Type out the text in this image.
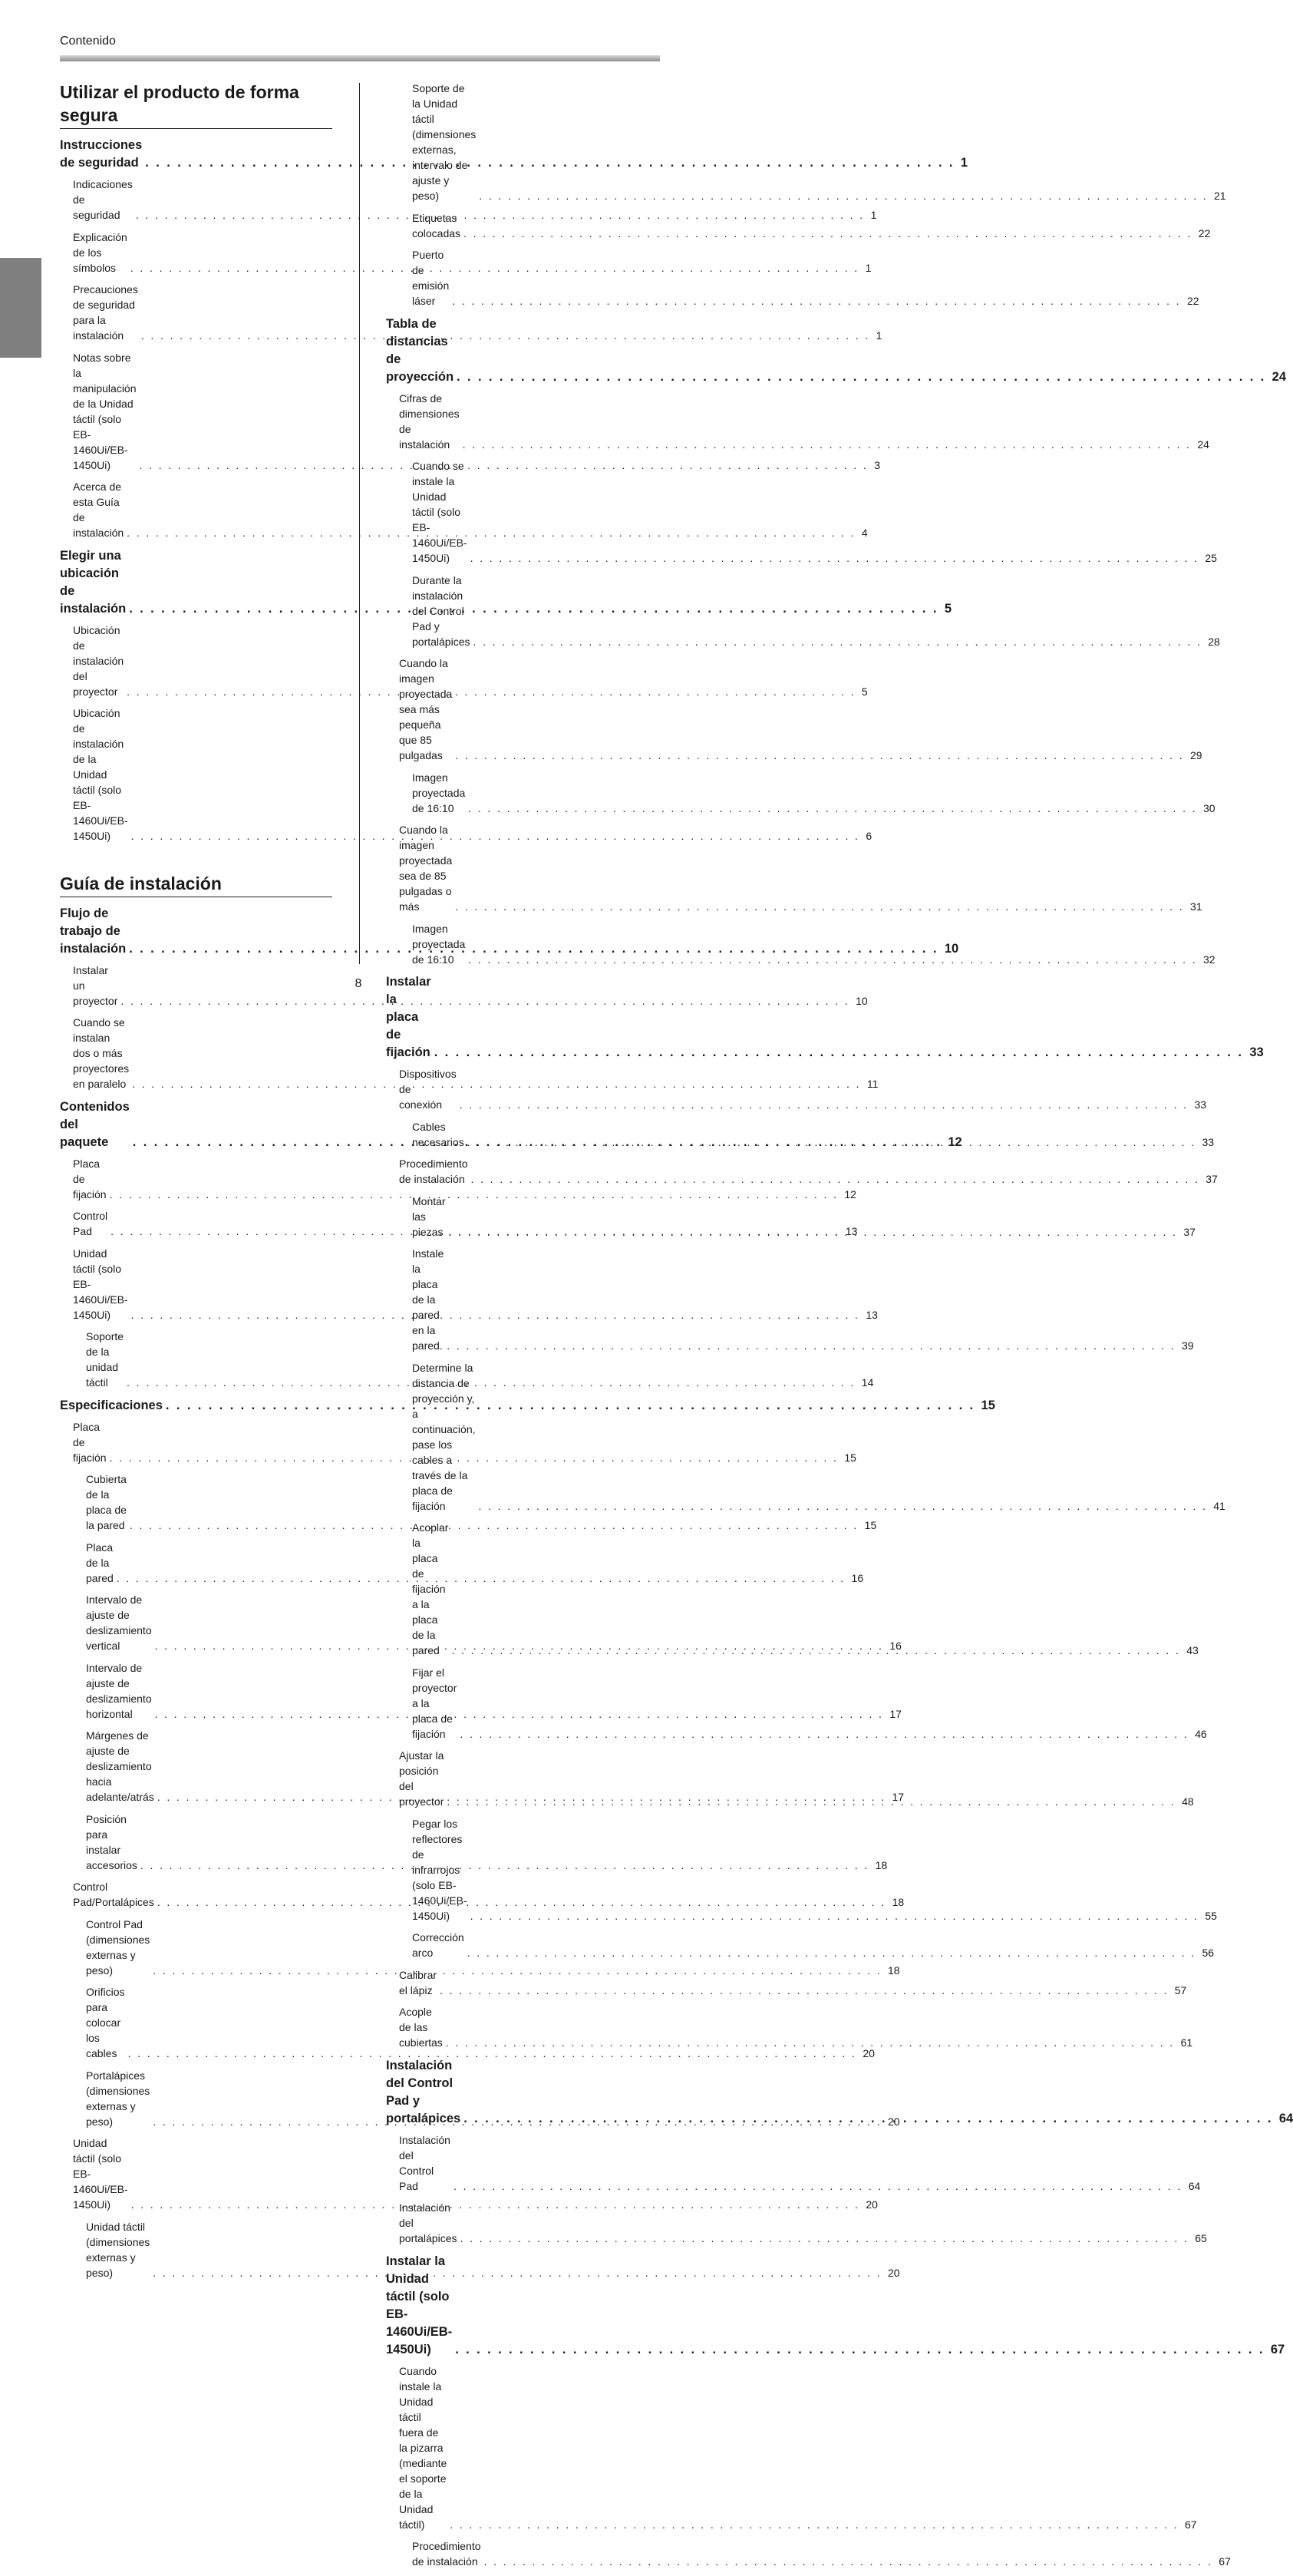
Contenido
Utilizar el producto de forma segura
Instrucciones de seguridad . . .	1
Indicaciones de seguridad . . .	1
Explicación de los símbolos . . .	1
Precauciones de seguridad para la instalación . . .	1
Notas sobre la manipulación de la Unidad táctil (solo EB-1460Ui/EB-1450Ui) . . .	3
Acerca de esta Guía de instalación . . .	4
Elegir una ubicación de instalación . . .	5
Ubicación de instalación del proyector . . .	5
Ubicación de instalación de la Unidad táctil (solo EB-1460Ui/EB-1450Ui) . . .	6
Guía de instalación
Flujo de trabajo de instalación . . .	10
Instalar un proyector . . .	10
Cuando se instalan dos o más proyectores en paralelo . . .	11
Contenidos del paquete . . .	12
Placa de fijación . . .	12
Control Pad . . .	13
Unidad táctil (solo EB-1460Ui/EB-1450Ui) . . .	13
Soporte de la unidad táctil . . .	14
Especificaciones . . .	15
Placa de fijación . . .	15
Cubierta de la placa de la pared . . .	15
Placa de la pared . . .	16
Intervalo de ajuste de deslizamiento vertical . . .	16
Intervalo de ajuste de deslizamiento horizontal . . .	17
Márgenes de ajuste de deslizamiento hacia adelante/atrás . . .	17
Posición para instalar accesorios . . .	18
Control Pad/Portalápices . . .	18
Control Pad (dimensiones externas y peso) . . .	18
Orificios para colocar los cables . . .	20
Portalápices (dimensiones externas y peso) . . .	20
Unidad táctil (solo EB-1460Ui/EB-1450Ui) . . .	20
Unidad táctil (dimensiones externas y peso) . . .	20
Soporte de la Unidad táctil (dimensiones externas, intervalo de ajuste y peso) . . .	21
Etiquetas colocadas . . .	22
Puerto de emisión láser . . .	22
Tabla de distancias de proyección . . .	24
Cifras de dimensiones de instalación . . .	24
Cuando se instale la Unidad táctil (solo EB-1460Ui/EB-1450Ui) . . .	25
Durante la instalación del Control Pad y portalápices . . .	28
Cuando la imagen proyectada sea más pequeña que 85 pulgadas . . .	29
Imagen proyectada de 16:10 . . .	30
Cuando la imagen proyectada sea de 85 pulgadas o más . . .	31
Imagen proyectada de 16:10 . . .	32
Instalar la placa de fijación . . .	33
Dispositivos de conexión . . .	33
Cables necesarios . . .	33
Procedimiento de instalación . . .	37
Montar las piezas . . .	37
Instale la placa de la pared en la pared. . . .	39
Determine la distancia de proyección y, a continuación, pase los cables a través de la placa de fijación . . .	41
Acoplar la placa de fijación a la placa de la pared . . .	43
Fijar el proyector a la placa de fijación . . .	46
Ajustar la posición del proyector . . .	48
Pegar los reflectores de infrarrojos (solo EB-1460Ui/EB-1450Ui) . . .	55
Corrección arco . . .	56
Calibrar el lápiz . . .	57
Acople de las cubiertas . . .	61
Instalación del Control Pad y portalápices . . .	64
Instalación del Control Pad . . .	64
Instalación del portalápices . . .	65
Instalar la Unidad táctil (solo EB-1460Ui/EB-1450Ui) . . .	67
Cuando instale la Unidad táctil fuera de la pizarra (mediante el soporte de la Unidad táctil) . . .	67
Procedimiento de instalación . . .	67
8
